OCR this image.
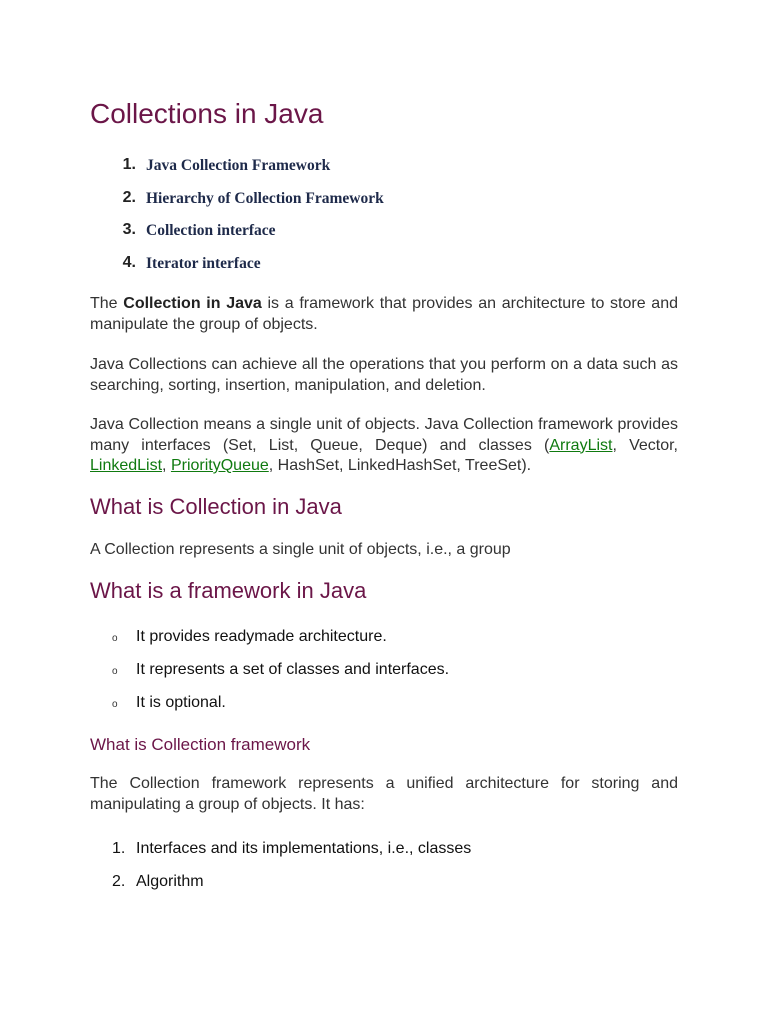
Collections in Java
1. Java Collection Framework
2. Hierarchy of Collection Framework
3. Collection interface
4. Iterator interface

The Collection in Java is a framework that provides an architecture to store and manipulate the group of objects.

Java Collections can achieve all the operations that you perform on a data such as searching, sorting, insertion, manipulation, and deletion.

Java Collection means a single unit of objects. Java Collection framework provides many interfaces (Set, List, Queue, Deque) and classes (ArrayList, Vector, LinkedList, PriorityQueue, HashSet, LinkedHashSet, TreeSet).

What is Collection in Java

A Collection represents a single unit of objects, i.e., a group

What is a framework in Java
o	It provides readymade architecture.
o	It represents a set of classes and interfaces.
o	It is optional.
What is Collection framework

The Collection framework represents a unified architecture for storing and manipulating a group of objects. It has:

1. Interfaces and its implementations, i.e., classes
2. Algorithm
